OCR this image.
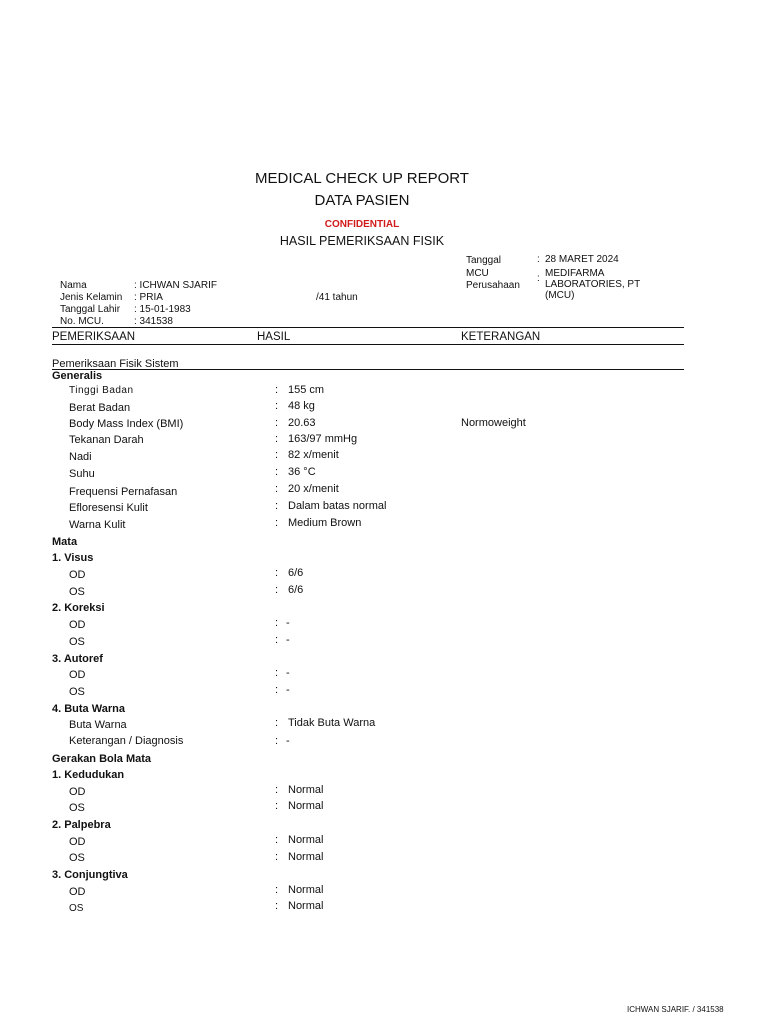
MEDICAL CHECK UP REPORT
DATA PASIEN
CONFIDENTIAL
HASIL PEMERIKSAAN FISIK
Tanggal	: 28 MARET 2024
MCU
Perusahaan
: MEDIFARMA
LABORATORIES, PT
(MCU)
Nama	: ICHWAN SJARIF
Jenis Kelamin : PRIA	/41 tahun
Tanggal Lahir : 15-01-1983
No. MCU.	: 341538
PEMERIKSAAN	HASIL	KETERANGAN
Pemeriksaan Fisik Sistem
Generalis
Tinggi Badan	: 155 cm
Berat Badan	: 48 kg
Body Mass Index (BMI)	: 20.63	Normoweight
Tekanan Darah	: 163/97 mmHg
Nadi	: 82 x/menit
Suhu	: 36 °C
Frequensi Pernafasan	: 20 x/menit
Efloresensi Kulit	: Dalam batas normal
Warna Kulit	: Medium Brown
Mata
1. Visus
OD	: 6/6
OS	: 6/6
2. Koreksi
OD	: -
OS	: -
3. Autoref
OD	: -
OS	: -
4. Buta Warna
Buta Warna	: Tidak Buta Warna
Keterangan / Diagnosis	: -
Gerakan Bola Mata
1. Kedudukan
OD	: Normal
OS	: Normal
2. Palpebra
OD	: Normal
OS	: Normal
3. Conjungtiva
OD	: Normal
OS	: Normal
ICHWAN SJARIF. / 341538
